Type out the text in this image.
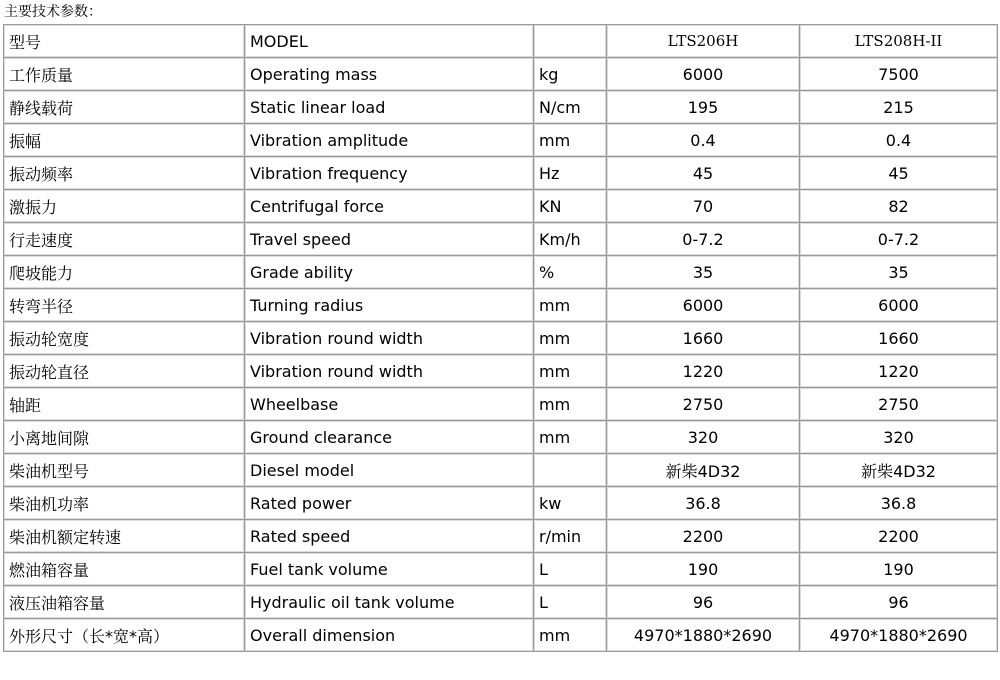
主要技术参数：
型号	MODEL		LTS206H	LTS208H-II
工作质量	Operating mass	kg	6000	7500
静线载荷	Static linear load	N/cm	195	215
振幅	Vibration amplitude	mm	0.4	0.4
振动频率	Vibration frequency	Hz	45	45
激振力	Centrifugal force	KN	70	82
行走速度	Travel speed	Km/h	0-7.2	0-7.2
爬坡能力	Grade ability	%	35	35
转弯半径	Turning radius	mm	6000	6000
振动轮宽度	Vibration round width	mm	1660	1660
振动轮直径	Vibration round width	mm	1220	1220
轴距	Wheelbase	mm	2750	2750
小离地间隙	Ground clearance	mm	320	320
柴油机型号	Diesel model		新柴4D32	新柴4D32
柴油机功率	Rated power	kw	36.8	36.8
柴油机额定转速	Rated speed	r/min	2200	2200
燃油箱容量	Fuel tank volume	L	190	190
液压油箱容量	Hydraulic oil tank volume	L	96	96
外形尺寸（长*宽*高）	Overall dimension	mm	4970*1880*2690	4970*1880*2690
